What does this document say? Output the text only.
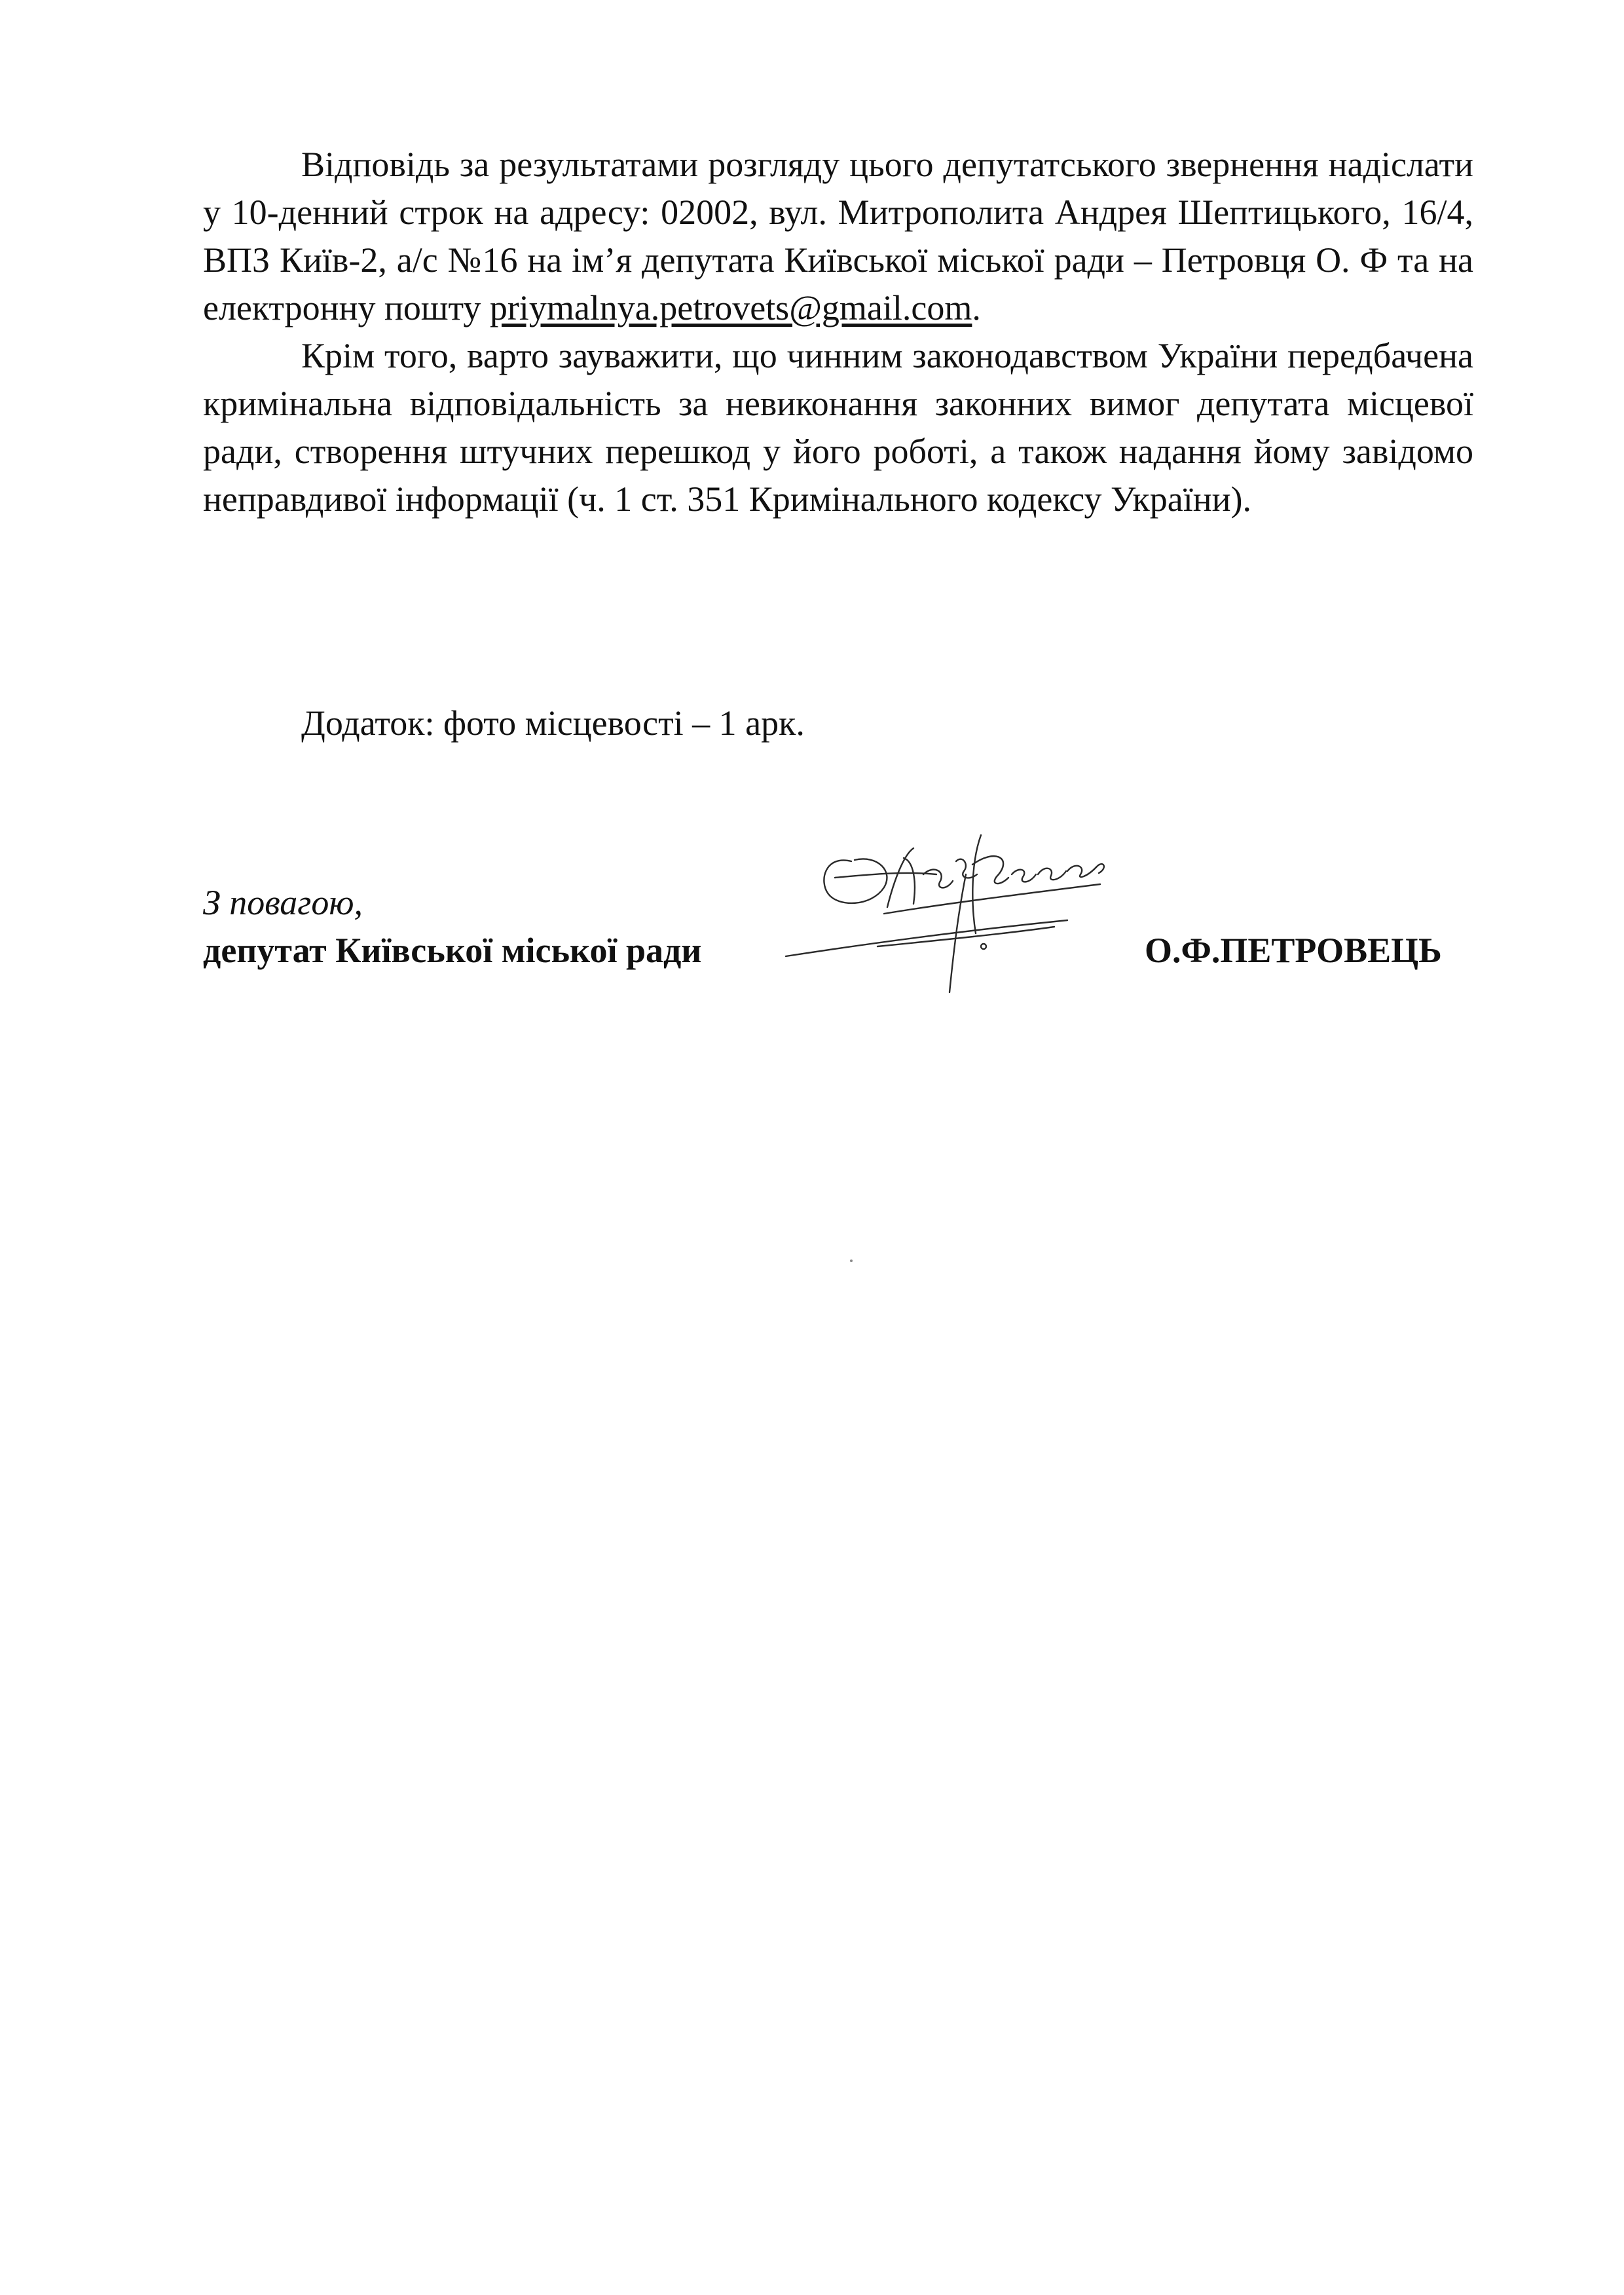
Відповідь за результатами розгляду цього депутатського звернення надіслати у 10-денний строк на адресу: 02002, вул. Митрополита Андрея Шептицького, 16/4, ВПЗ Київ-2, а/с №16 на ім’я депутата Київської міської ради – Петровця О. Ф та на електронну пошту priymalnya.petrovets@gmail.com.

Крім того, варто зауважити, що чинним законодавством України передбачена кримінальна відповідальність за невиконання законних вимог депутата місцевої ради, створення штучних перешкод у його роботі, а також надання йому завідомо неправдивої інформації (ч. 1 ст. 351 Кримінального кодексу України).

Додаток: фото місцевості – 1 арк.

З повагою,
депутат Київської міської ради	О.Ф.ПЕТРОВЕЦЬ
